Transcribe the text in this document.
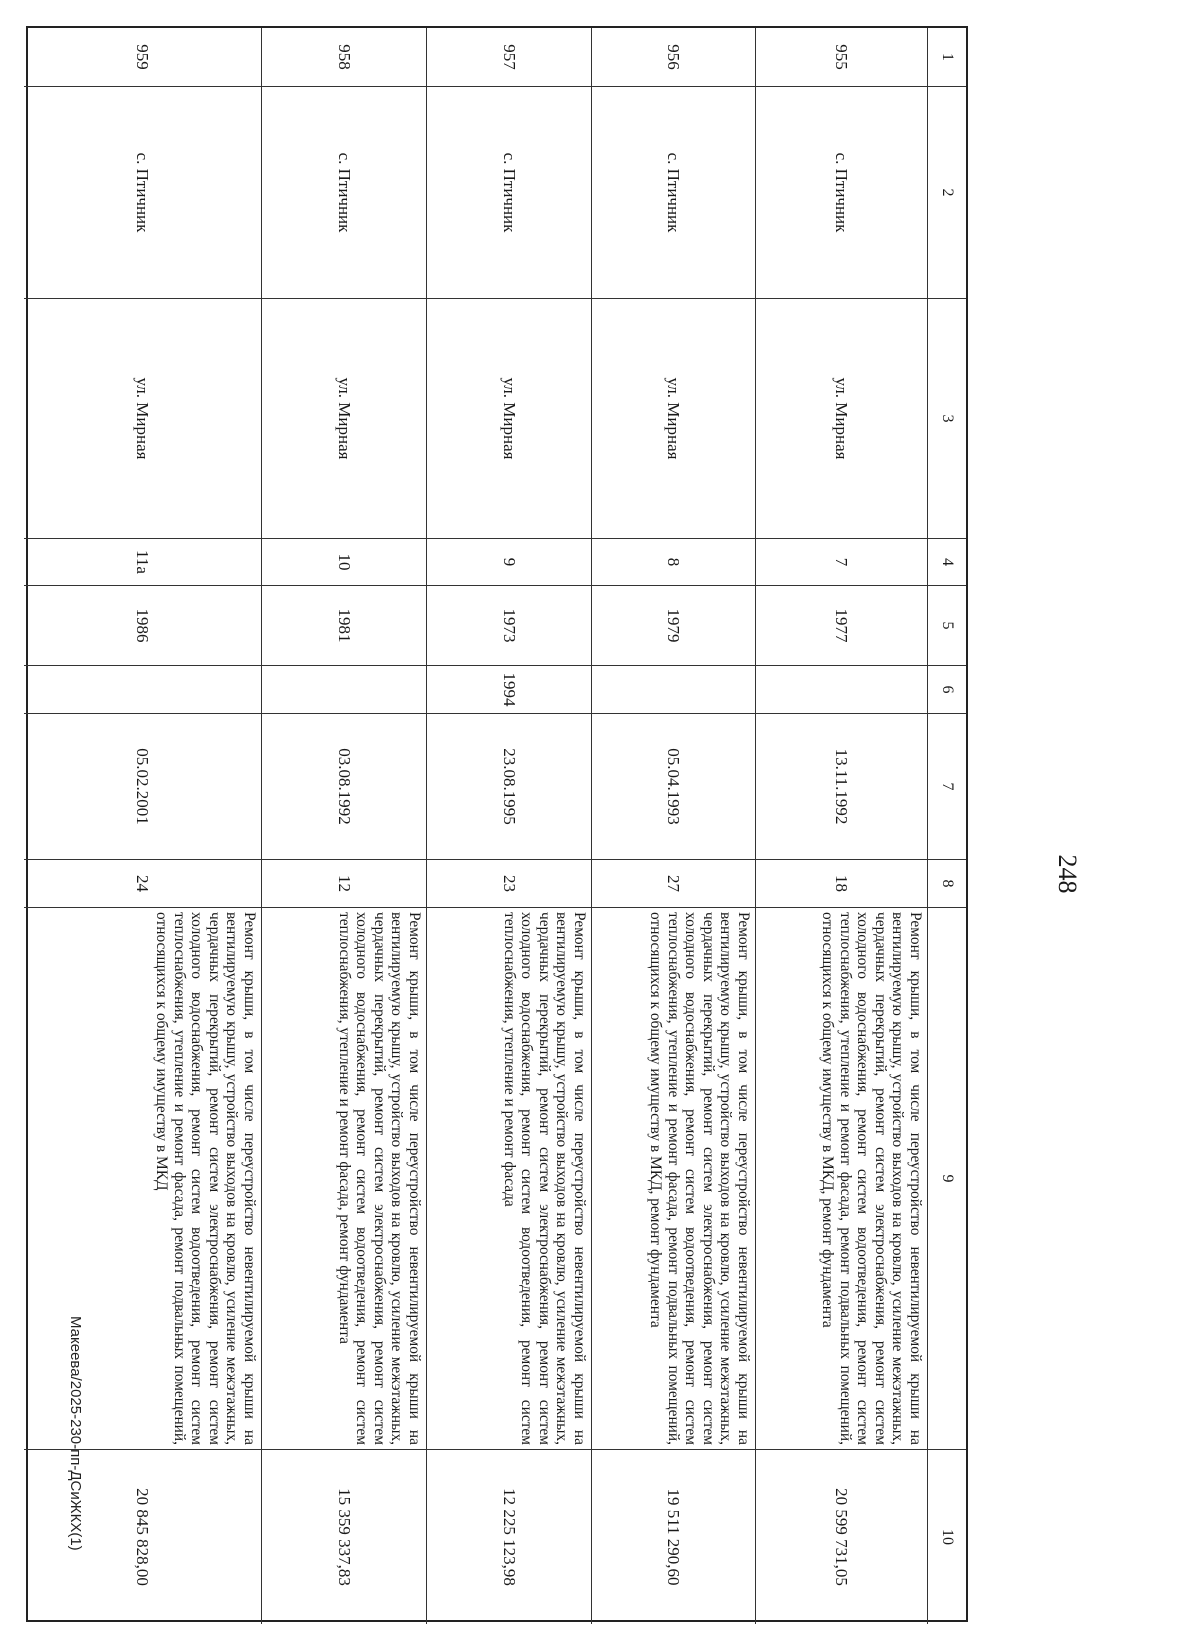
248
1
2
3
4
5
6
7
8
9
10
955
с. Птичник
ул. Мирная
7
1977
13.11.1992
18
Ремонт крыши, в том числе переустройство невентилируемой крыши на вентилируемую крышу, устройство выходов на кровлю, усиление межэтажных, чердачных перекрытий, ремонт систем электроснабжения, ремонт систем холодного водоснабжения, ремонт систем водоотведения, ремонт систем теплоснабжения, утепление и ремонт фасада, ремонт подвальных помещений, относящихся к общему имуществу в МКД, ремонт фундамента
20 599 731,05
956
с. Птичник
ул. Мирная
8
1979
05.04.1993
27
Ремонт крыши, в том числе переустройство невентилируемой крыши на вентилируемую крышу, устройство выходов на кровлю, усиление межэтажных, чердачных перекрытий, ремонт систем электроснабжения, ремонт систем холодного водоснабжения, ремонт систем водоотведения, ремонт систем теплоснабжения, утепление и ремонт фасада, ремонт подвальных помещений, относящихся к общему имуществу в МКД, ремонт фундамента
19 511 290,60
957
с. Птичник
ул. Мирная
9
1973
1994
23.08.1995
23
Ремонт крыши, в том числе переустройство невентилируемой крыши на вентилируемую крышу, устройство выходов на кровлю, усиление межэтажных, чердачных перекрытий, ремонт систем электроснабжения, ремонт систем холодного водоснабжения, ремонт систем водоотведения, ремонт систем теплоснабжения, утепление и ремонт фасада
12 225 123,98
958
с. Птичник
ул. Мирная
10
1981
03.08.1992
12
Ремонт крыши, в том числе переустройство невентилируемой крыши на вентилируемую крышу, устройство выходов на кровлю, усиление межэтажных, чердачных перекрытий, ремонт систем электроснабжения, ремонт систем холодного водоснабжения, ремонт систем водоотведения, ремонт систем теплоснабжения, утепление и ремонт фасада, ремонт фундамента
15 359 337,83
959
с. Птичник
ул. Мирная
11а
1986
05.02.2001
24
Ремонт крыши, в том числе переустройство невентилируемой крыши на вентилируемую крышу, устройство выходов на кровлю, усиление межэтажных, чердачных перекрытий, ремонт систем электроснабжения, ремонт систем холодного водоснабжения, ремонт систем водоотведения, ремонт систем теплоснабжения, утепление и ремонт фасада, ремонт подвальных помещений, относящихся к общему имуществу в МКД
20 845 828,00
Макеева/2025-230-пп-ДСиЖКХ(1)
